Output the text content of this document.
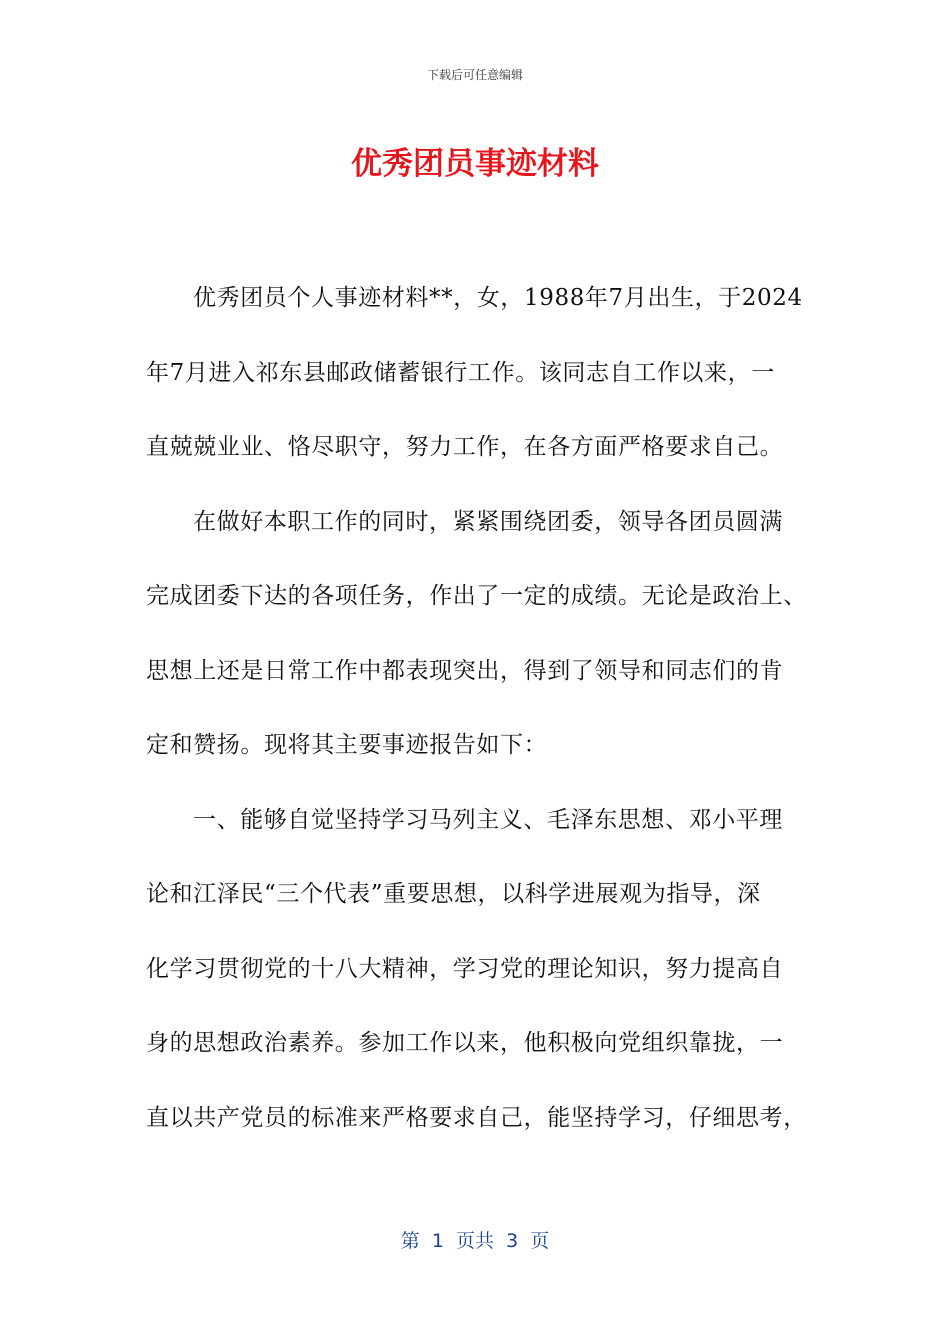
下载后可任意编辑
优秀团员事迹材料
优秀团员个人事迹材料**，女，1988年7月出生，于2024
年7月进入祁东县邮政储蓄银行工作。该同志自工作以来，一
直兢兢业业、恪尽职守，努力工作，在各方面严格要求自己。
在做好本职工作的同时，紧紧围绕团委，领导各团员圆满
完成团委下达的各项任务，作出了一定的成绩。无论是政治上、
思想上还是日常工作中都表现突出，得到了领导和同志们的肯
定和赞扬。现将其主要事迹报告如下：
一、能够自觉坚持学习马列主义、毛泽东思想、邓小平理
论和江泽民“三个代表”重要思想，以科学进展观为指导，深
化学习贯彻党的十八大精神，学习党的理论知识，努力提高自
身的思想政治素养。参加工作以来，他积极向党组织靠拢，一
直以共产党员的标准来严格要求自己，能坚持学习，仔细思考，
第  1  页共  3  页
